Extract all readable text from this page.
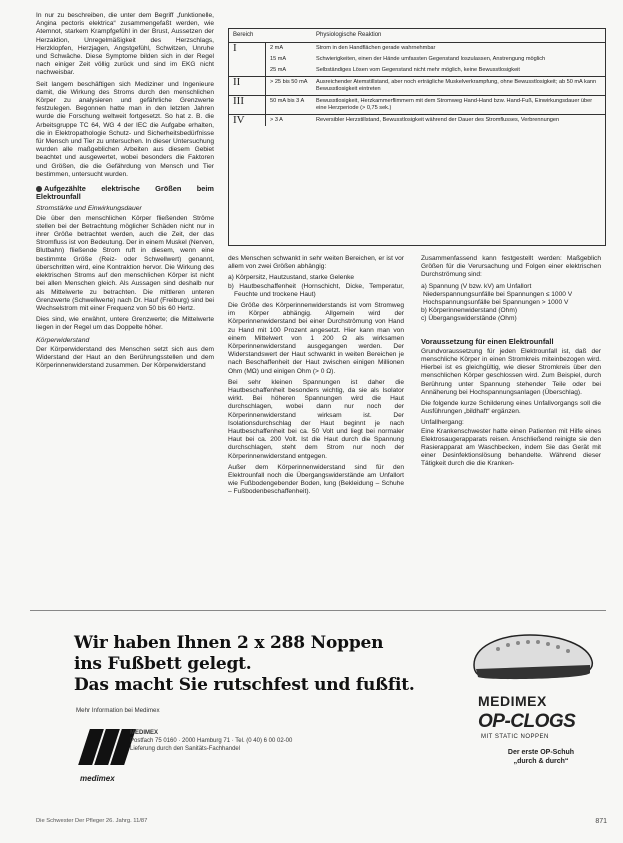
In nur zu beschreiben, die unter dem Begriff „funktionelle, Angina pectoris elektrica“ zusammengefaßt werden, wie Atemnot, starkem Krampfgefühl in der Brust, Aussetzen der Herzaktion, Unregelmäßigkeit des Herzschlags, Herzklopfen, Herzjagen, Angstgefühl, Schwitzen, Unruhe und Schwäche. Diese Symptome bilden sich in der Regel nach einiger Zeit völlig zurück und sind im EKG nicht nachweisbar.

Seit langem beschäftigen sich Mediziner und Ingenieure damit, die Wirkung des Stroms durch den menschlichen Körper zu analysieren und gefährliche Grenzwerte festzulegen. Begonnen hatte man in den letzten Jahren wurde die Forschung weltweit fortgesetzt. So hat z. B. die Arbeitsgruppe TC 64, WG 4 der IEC die Aufgabe erhalten, die in Elektropathologie Schutz- und Sicherheitsbedürfnisse für Mensch und Tier zu untersuchen. In dieser Untersuchung wurden alle maßgeblichen Arbeiten aus diesem Gebiet beachtet und ausgewertet, wobei besonders die Faktoren und Größen, die die Gefährdung von Mensch und Tier bestimmen, untersucht wurden.

Aufgezählte elektrische Größen beim Elektrounfall
Stromstärke und Einwirkungsdauer

Die über den menschlichen Körper fließenden Ströme stellen bei der Betrachtung möglicher Schäden nicht nur in ihrer Größe betrachtet werden, auch die Zeit, der das Stromfluss ist von Bedeutung. Der in einem Muskel (Nerven, Blutbahn) fließende Strom ruft in diesem, wenn eine bestimmte Größe (Reiz- oder Schwellwert) genannt, überschritten wird, eine Kontraktion hervor. Die Wirkung des elektrischen Stroms auf den menschlichen Körper ist nicht bei allen Menschen gleich. Als Aussagen sind deshalb nur als Mittelwerte zu betrachten. Die mittleren unteren Grenzwerte (Schwellwerte) nach Dr. Hauf (Freiburg) sind bei Wechselstrom mit einer Frequenz von 50 bis 60 Hertz.

Dies sind, wie erwähnt, untere Grenzwerte; die Mittelwerte liegen in der Regel um das Doppelte höher.

Körperwiderstand

Der Körperwiderstand des Menschen setzt sich aus dem Widerstand der Haut an den Berührungsstellen und dem Körperinnenwiderstand zusammen. Der Körperwiderstand

Bereich		Physiologische Reaktion
I	2 mA	Strom in den Handflächen gerade wahrnehmbar
	15 mA	Schwierigkeiten, einen der Hände umfassten Gegenstand loszulassen, Anstrengung möglich
	25 mA	Selbständiges Lösen vom Gegenstand nicht mehr möglich, keine Bewusstlosigkeit
II	> 25 bis 50 mA	Ausreichender Atemstillstand, aber noch erträgliche Muskelverkrampfung, ohne Bewusstlosigkeit; ab 50 mA kann Bewusstlosigkeit eintreten
III	50 mA bis 3 A	Bewusstlosigkeit, Herzkammerflimmern mit dem Stromweg Hand-Hand bzw. Hand-Fuß, Einwirkungsdauer über eine Herzperiode (> 0,75 sek.)
IV	> 3 A	Reversibler Herzstillstand, Bewusstlosigkeit während der Dauer des Stromflusses, Verbrennungen

des Menschen schwankt in sehr weiten Bereichen, er ist vor allem von zwei Größen abhängig:

a) Körpersitz, Hautzustand, starke Gelenke
b) Hautbeschaffenheit (Hornschicht, Dicke, Temperatur, Feuchte und trockene Haut)

Die Größe des Körperinnenwiderstands ist vom Stromweg im Körper abhängig. Allgemein wird der Körperinnenwiderstand bei einer Durchströmung von Hand zu Hand mit 100 Prozent angesetzt. Hier kann man von einem Mittelwert von 1 200 Ω als wirksamen Körperinnenwiderstand ausgegangen werden. Der Widerstandswert der Haut schwankt in weiten Bereichen je nach Beschaffenheit der Haut zwischen einigen Millionen Ohm (MΩ) und einigen Ohm (> 0 Ω).

Bei sehr kleinen Spannungen ist daher die Hautbeschaffenheit besonders wichtig, da sie als Isolator wirkt. Bei höheren Spannungen wird die Haut durchschlagen, wobei dann nur noch der Körperinnenwiderstand wirksam ist. Der Isolationsdurchschlag der Haut beginnt je nach Hautbeschaffenheit bei ca. 50 Volt und liegt bei normaler Haut bei ca. 200 Volt. Ist die Haut durch die Spannung durchschlagen, steht dem Strom nur noch der Körperinnenwiderstand entgegen.

Außer dem Körperinnenwiderstand sind für den Elektrounfall noch die Übergangswiderstände am Unfallort wie Fußbodengebender Boden, lung (Bekleidung – Schuhe – Fußbodenbeschaffenheit).

Zusammenfassend kann festgestellt werden: Maßgeblich Größen für die Verursachung und Folgen einer elektrischen Durchströmung sind:

a) Spannung (V bzw. kV) am Unfallort
Niederspannungsunfälle bei Spannungen ≤ 1000 V
Hochspannungsunfälle bei Spannungen > 1000 V
b) Körperinnenwiderstand (Ohm)
c) Übergangswiderstände (Ohm)
Voraussetzung für einen Elektrounfall

Grundvoraussetzung für jeden Elektrounfall ist, daß der menschliche Körper in einen Stromkreis miteinbezogen wird. Hierbei ist es gleichgültig, wie dieser Stromkreis über den menschlichen Körper geschlossen wird. Zum Beispiel, durch Berührung unter Spannung stehender Teile oder bei Annäherung bei Hochspannungsanlagen (Überschlag).

Die folgende kurze Schilderung eines Unfallvorgangs soll die Ausführungen „bildhaft“ ergänzen.

Unfallhergang:

Eine Krankenschwester hatte einen Patienten mit Hilfe eines Elektrosaugerapparats reisen. Anschließend reinigte sie den Rasierapparat am Waschbecken, indem Sie das Gerät mit einer Desinfektionslösung behandelte. Während dieser Tätigkeit durch die die Kranken-

Wir haben Ihnen 2 x 288 Noppen
ins Fußbett gelegt.
Das macht Sie rutschfest und fußfit.
Mehr Information bei Medimex
medimex
MEDIMEX
Postfach 75 0160 · 2000 Hamburg 71 · Tel. (0 40) 6 00 02-00
Lieferung durch den Sanitäts-Fachhandel
MEDIMEX
OP-CLOGS
MIT STATIC NOPPEN
Der erste OP-Schuh
„durch & durch“
Die Schwester Der Pfleger 26. Jahrg. 11/87	871
